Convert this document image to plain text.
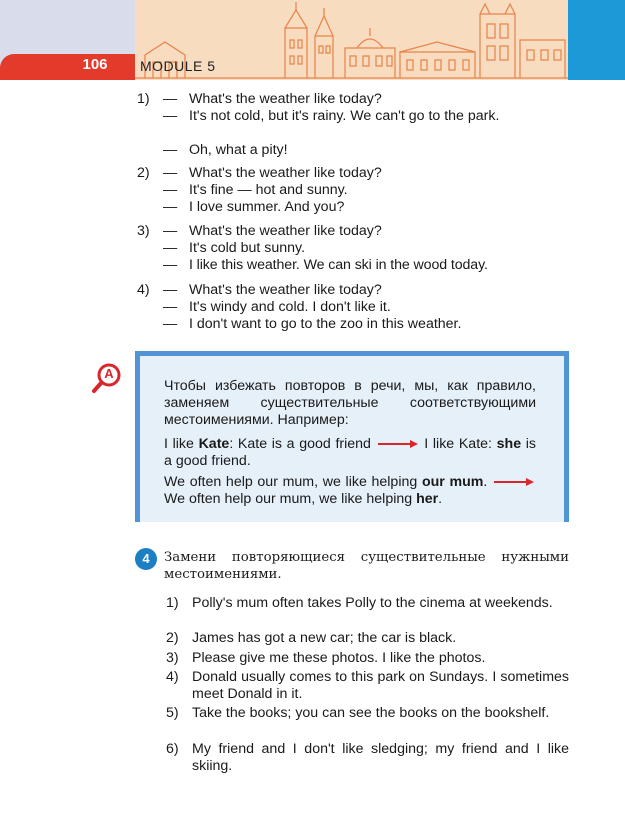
106	MODULE 5
1) — What's the weather like today?
— It's not cold, but it's rainy. We can't go to the park.
— Oh, what a pity!
2) — What's the weather like today?
— It's fine — hot and sunny.
— I love summer. And you?
3) — What's the weather like today?
— It's cold but sunny.
— I like this weather. We can ski in the wood today.
4) — What's the weather like today?
— It's windy and cold. I don't like it.
— I don't want to go to the zoo in this weather.
A
Чтобы избежать повторов в речи, мы, как правило, заменяем существительные соответствующими местоимениями. Например:
I like Kate: Kate is a good friend	I like Kate: she is a good friend.
We often help our mum, we like helping our mum.  We often help our mum, we like helping her.
4	Замени повторяющиеся существительные нужными местоимениями.
1) Polly's mum often takes Polly to the cinema at weekends.
2) James has got a new car; the car is black.
3) Please give me these photos. I like the photos.
4) Donald usually comes to this park on Sundays. I sometimes meet Donald in it.
5) Take the books; you can see the books on the bookshelf.
6) My friend and I don't like sledging; my friend and I like skiing.
